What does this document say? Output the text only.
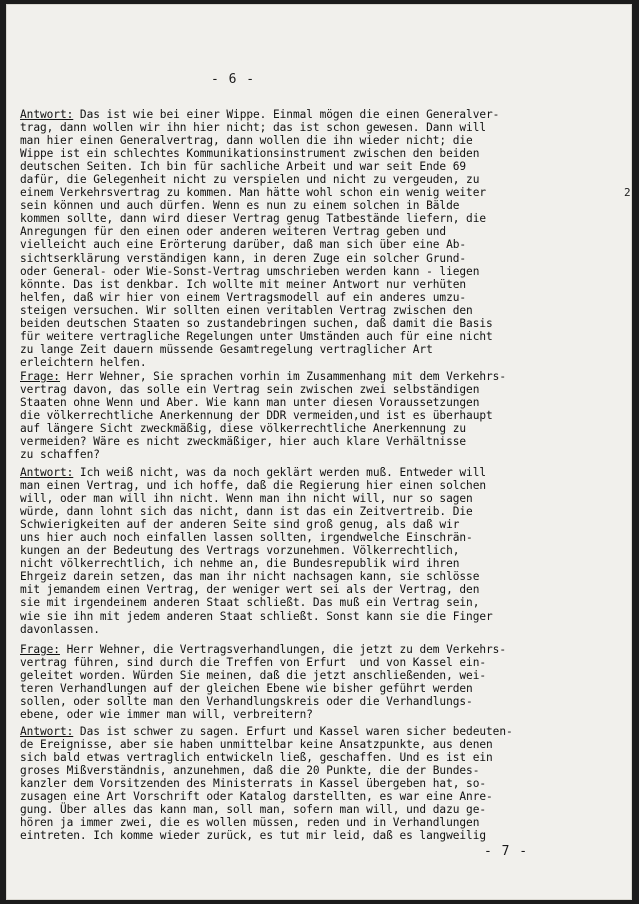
- 6 -
2
Antwort: Das ist wie bei einer Wippe. Einmal mögen die einen Generalver-
trag, dann wollen wir ihn hier nicht; das ist schon gewesen. Dann will
man hier einen Generalvertrag, dann wollen die ihn wieder nicht; die
Wippe ist ein schlechtes Kommunikationsinstrument zwischen den beiden
deutschen Seiten. Ich bin für sachliche Arbeit und war seit Ende 69
dafür, die Gelegenheit nicht zu verspielen und nicht zu vergeuden, zu
einem Verkehrsvertrag zu kommen. Man hätte wohl schon ein wenig weiter
sein können und auch dürfen. Wenn es nun zu einem solchen in Bälde
kommen sollte, dann wird dieser Vertrag genug Tatbestände liefern, die
Anregungen für den einen oder anderen weiteren Vertrag geben und
vielleicht auch eine Erörterung darüber, daß man sich über eine Ab-
sichtserklärung verständigen kann, in deren Zuge ein solcher Grund-
oder General- oder Wie-Sonst-Vertrag umschrieben werden kann - liegen
könnte. Das ist denkbar. Ich wollte mit meiner Antwort nur verhüten
helfen, daß wir hier von einem Vertragsmodell auf ein anderes umzu-
steigen versuchen. Wir sollten einen veritablen Vertrag zwischen den
beiden deutschen Staaten so zustandebringen suchen, daß damit die Basis
für weitere vertragliche Regelungen unter Umständen auch für eine nicht
zu lange Zeit dauern müssende Gesamtregelung vertraglicher Art
erleichtern helfen.
Frage: Herr Wehner, Sie sprachen vorhin im Zusammenhang mit dem Verkehrs-
vertrag davon, das solle ein Vertrag sein zwischen zwei selbständigen
Staaten ohne Wenn und Aber. Wie kann man unter diesen Voraussetzungen
die völkerrechtliche Anerkennung der DDR vermeiden,und ist es überhaupt
auf längere Sicht zweckmäßig, diese völkerrechtliche Anerkennung zu
vermeiden? Wäre es nicht zweckmäßiger, hier auch klare Verhältnisse
zu schaffen?
Antwort: Ich weiß nicht, was da noch geklärt werden muß. Entweder will
man einen Vertrag, und ich hoffe, daß die Regierung hier einen solchen
will, oder man will ihn nicht. Wenn man ihn nicht will, nur so sagen
würde, dann lohnt sich das nicht, dann ist das ein Zeitvertreib. Die
Schwierigkeiten auf der anderen Seite sind groß genug, als daß wir
uns hier auch noch einfallen lassen sollten, irgendwelche Einschrän-
kungen an der Bedeutung des Vertrags vorzunehmen. Völkerrechtlich,
nicht völkerrechtlich, ich nehme an, die Bundesrepublik wird ihren
Ehrgeiz darein setzen, das man ihr nicht nachsagen kann, sie schlösse
mit jemandem einen Vertrag, der weniger wert sei als der Vertrag, den
sie mit irgendeinem anderen Staat schließt. Das muß ein Vertrag sein,
wie sie ihn mit jedem anderen Staat schließt. Sonst kann sie die Finger
davonlassen.
Frage: Herr Wehner, die Vertragsverhandlungen, die jetzt zu dem Verkehrs-
vertrag führen, sind durch die Treffen von Erfurt  und von Kassel ein-
geleitet worden. Würden Sie meinen, daß die jetzt anschließenden, wei-
teren Verhandlungen auf der gleichen Ebene wie bisher geführt werden
sollen, oder sollte man den Verhandlungskreis oder die Verhandlungs-
ebene, oder wie immer man will, verbreitern?
Antwort: Das ist schwer zu sagen. Erfurt und Kassel waren sicher bedeuten-
de Ereignisse, aber sie haben unmittelbar keine Ansatzpunkte, aus denen
sich bald etwas vertraglich entwickeln ließ, geschaffen. Und es ist ein
groses Mißverständnis, anzunehmen, daß die 20 Punkte, die der Bundes-
kanzler dem Vorsitzenden des Ministerrats in Kassel übergeben hat, so-
zusagen eine Art Vorschrift oder Katalog darstellten, es war eine Anre-
gung. Über alles das kann man, soll man, sofern man will, und dazu ge-
hören ja immer zwei, die es wollen müssen, reden und in Verhandlungen
eintreten. Ich komme wieder zurück, es tut mir leid, daß es langweilig
- 7 -
